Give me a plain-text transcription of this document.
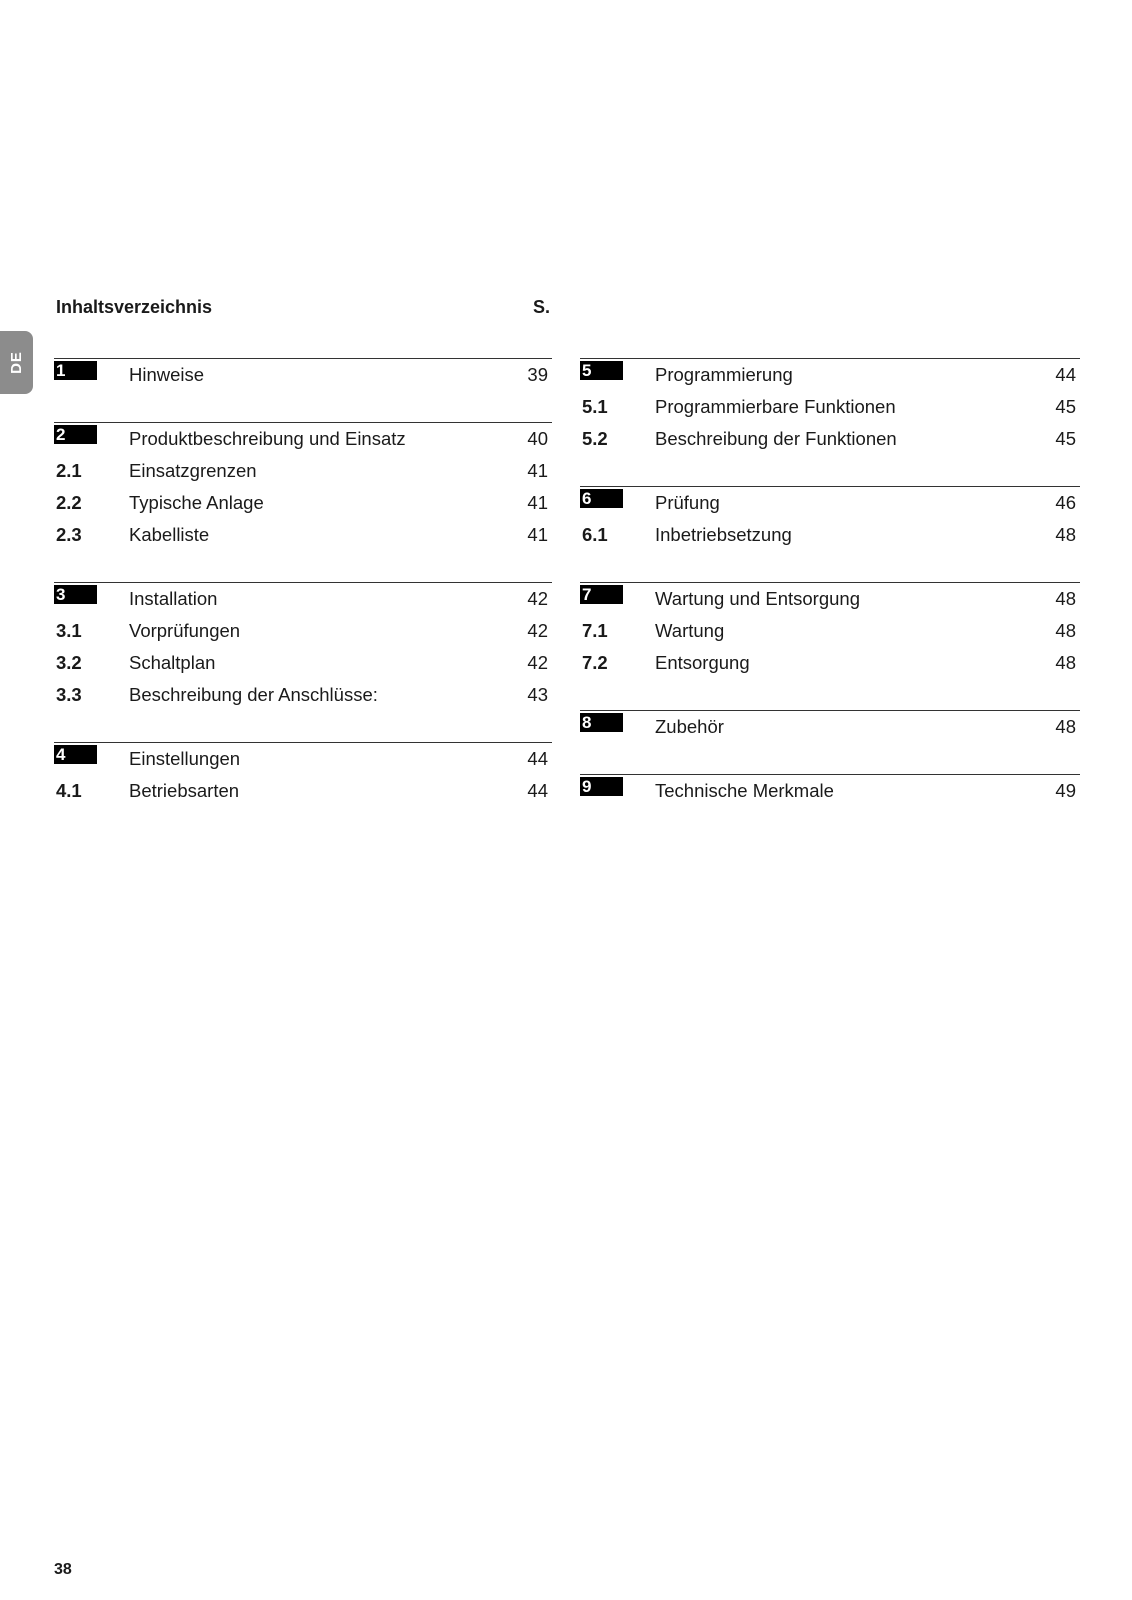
DE
Inhaltsverzeichnis	S.
1	Hinweise	39
2	Produktbeschreibung und Einsatz	40
2.1	Einsatzgrenzen	41
2.2	Typische Anlage	41
2.3	Kabelliste	41
3	Installation	42
3.1	Vorprüfungen	42
3.2	Schaltplan	42
3.3	Beschreibung der Anschlüsse:	43
4	Einstellungen	44
4.1	Betriebsarten	44
5	Programmierung	44
5.1	Programmierbare Funktionen	45
5.2	Beschreibung der Funktionen	45
6	Prüfung	46
6.1	Inbetriebsetzung	48
7	Wartung und Entsorgung	48
7.1	Wartung	48
7.2	Entsorgung	48
8	Zubehör	48
9	Technische Merkmale	49
38
